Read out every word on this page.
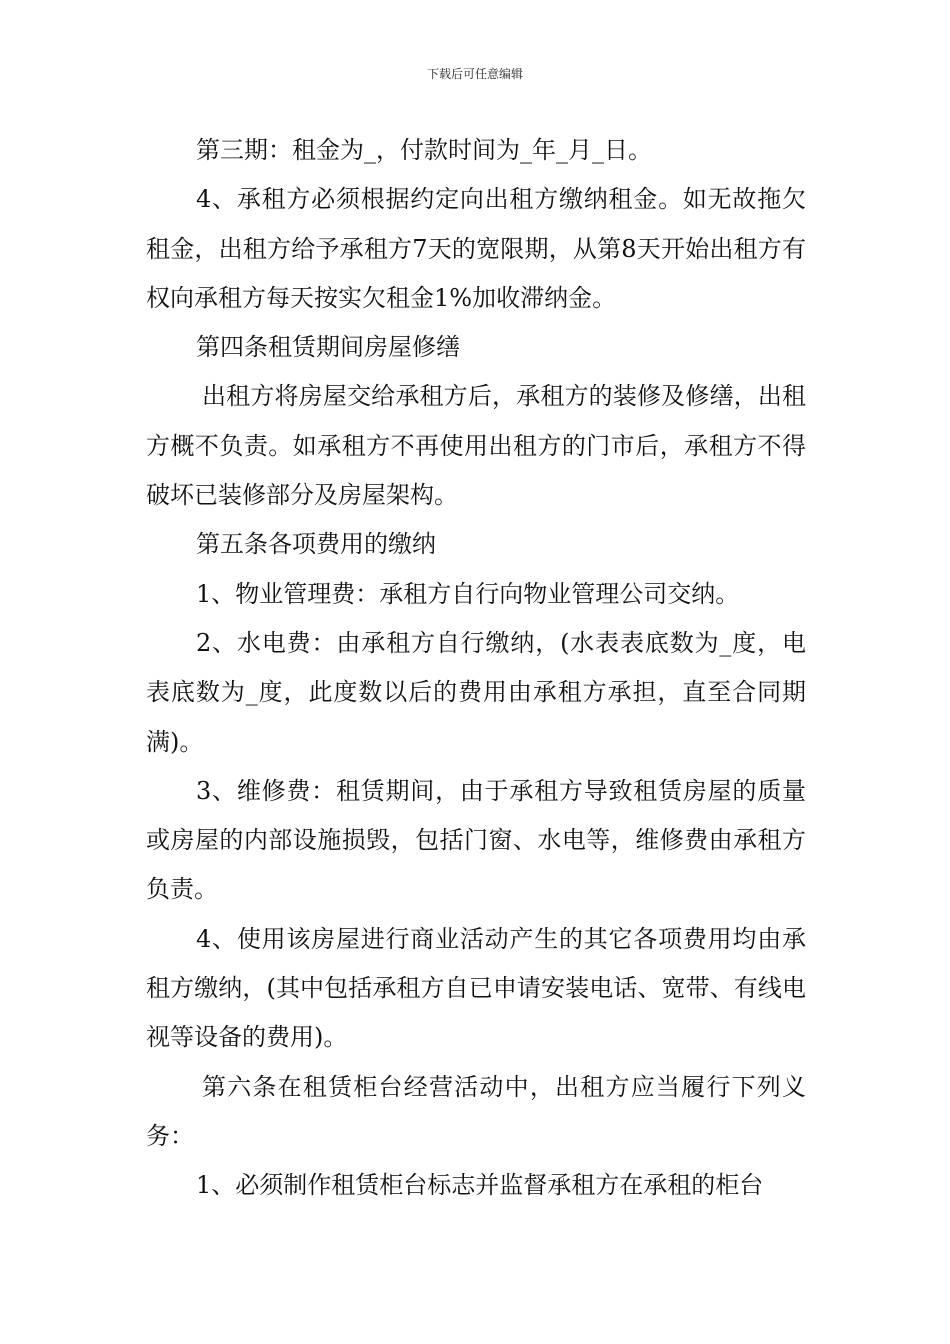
下载后可任意编辑

第三期：租金为_，付款时间为_年_月_日。

4、承租方必须根据约定向出租方缴纳租金。如无故拖欠租金，出租方给予承租方7天的宽限期，从第8天开始出租方有权向承租方每天按实欠租金1%加收滞纳金。

第四条租赁期间房屋修缮

出租方将房屋交给承租方后，承租方的装修及修缮，出租方概不负责。如承租方不再使用出租方的门市后，承租方不得破坏已装修部分及房屋架构。

第五条各项费用的缴纳

1、物业管理费：承租方自行向物业管理公司交纳。

2、水电费：由承租方自行缴纳，(水表表底数为_度，电表底数为_度，此度数以后的费用由承租方承担，直至合同期满)。

3、维修费：租赁期间，由于承租方导致租赁房屋的质量或房屋的内部设施损毁，包括门窗、水电等，维修费由承租方负责。

4、使用该房屋进行商业活动产生的其它各项费用均由承租方缴纳，(其中包括承租方自已申请安装电话、宽带、有线电视等设备的费用)。

第六条在租赁柜台经营活动中，出租方应当履行下列义务：

1、必须制作租赁柜台标志并监督承租方在承租的柜台
